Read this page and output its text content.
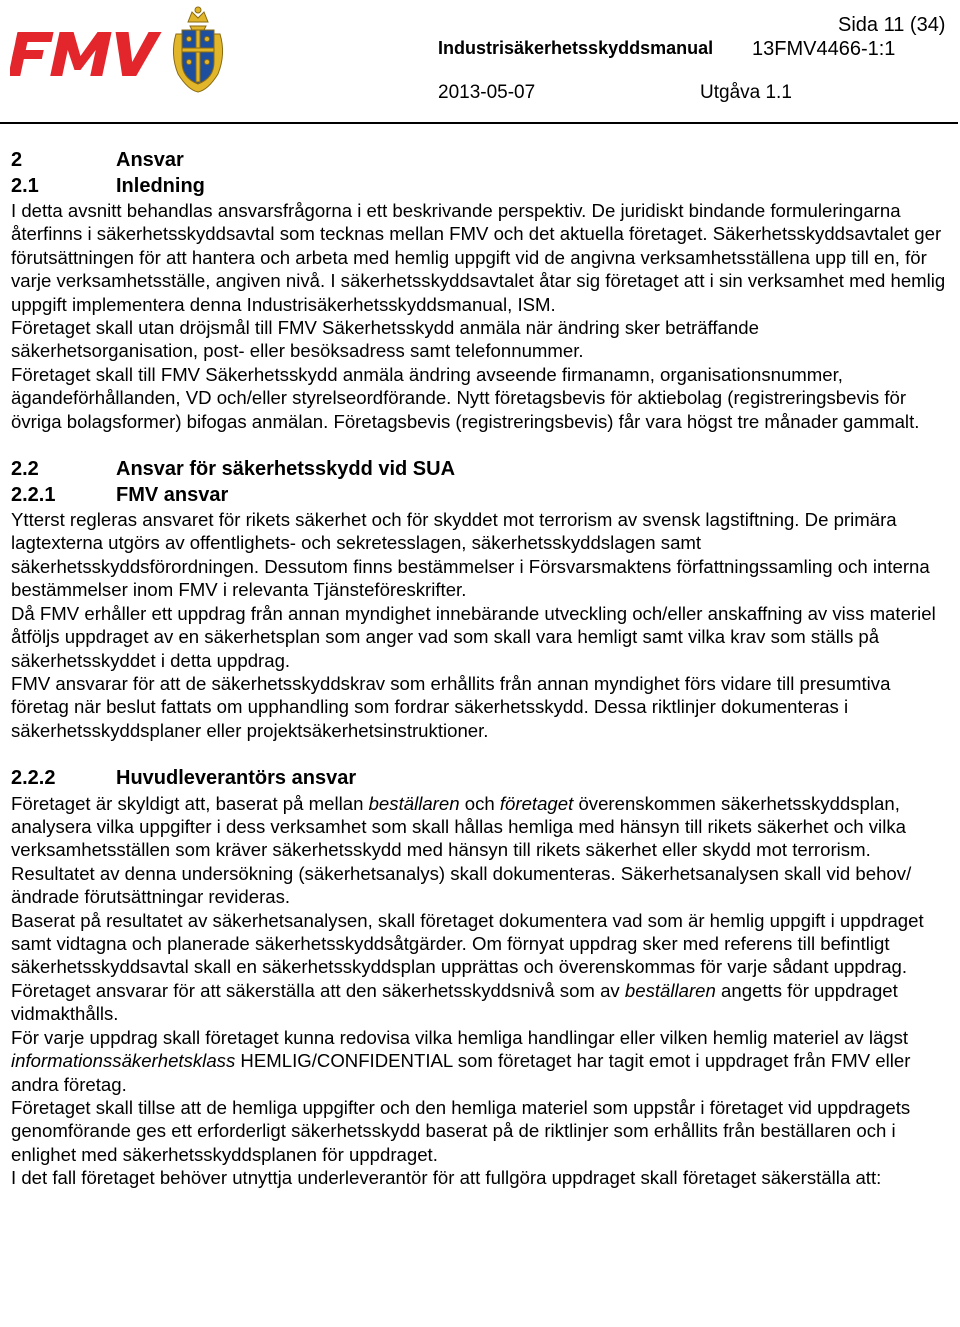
Sida 11 (34)
Industrisäkerhetsskyddsmanual 13FMV4466-1:1
2013-05-07	Utgåva 1.1
2	Ansvar
2.1	Inledning

I detta avsnitt behandlas ansvarsfrågorna i ett beskrivande perspektiv. De juridiskt bindande formuleringarna återfinns i säkerhetsskyddsavtal som tecknas mellan FMV och det aktuella företaget. Säkerhetsskyddsavtalet ger förutsättningen för att hantera och arbeta med hemlig uppgift vid de angivna verksamhetsställena upp till en, för varje verksamhetsställe, angiven nivå. I säkerhetsskyddsavtalet åtar sig företaget att i sin verksamhet med hemlig uppgift implementera denna Industrisäkerhetsskyddsmanual, ISM.

Företaget skall utan dröjsmål till FMV Säkerhetsskydd anmäla när ändring sker beträffande säkerhetsorganisation, post- eller besöksadress samt telefonnummer.

Företaget skall till FMV Säkerhetsskydd anmäla ändring avseende firmanamn, organisationsnummer, ägandeförhållanden, VD och/eller styrelseordförande. Nytt företagsbevis för aktiebolag (registreringsbevis för övriga bolagsformer) bifogas anmälan. Företagsbevis (registreringsbevis) får vara högst tre månader gammalt.

2.2	Ansvar för säkerhetsskydd vid SUA
2.2.1	FMV ansvar

Ytterst regleras ansvaret för rikets säkerhet och för skyddet mot terrorism av svensk lagstiftning. De primära lagtexterna utgörs av offentlighets- och sekretesslagen, säkerhetsskyddslagen samt säkerhetsskyddsförordningen. Dessutom finns bestämmelser i Försvarsmaktens författningssamling och interna bestämmelser inom FMV i relevanta Tjänsteföreskrifter.

Då FMV erhåller ett uppdrag från annan myndighet innebärande utveckling och/eller anskaffning av viss materiel åtföljs uppdraget av en säkerhetsplan som anger vad som skall vara hemligt samt vilka krav som ställs på säkerhetsskyddet i detta uppdrag.

FMV ansvarar för att de säkerhetsskyddskrav som erhållits från annan myndighet förs vidare till presumtiva företag när beslut fattats om upphandling som fordrar säkerhetsskydd. Dessa riktlinjer dokumenteras i säkerhetsskyddsplaner eller projektsäkerhetsinstruktioner.

2.2.2	Huvudleverantörs ansvar

Företaget är skyldigt att, baserat på mellan beställaren och företaget överenskommen säkerhetsskyddsplan, analysera vilka uppgifter i dess verksamhet som skall hållas hemliga med hänsyn till rikets säkerhet och vilka verksamhetsställen som kräver säkerhetsskydd med hänsyn till rikets säkerhet eller skydd mot terrorism. Resultatet av denna undersökning (säkerhetsanalys) skall dokumenteras. Säkerhetsanalysen skall vid behov/ändrade förutsättningar revideras.

Baserat på resultatet av säkerhetsanalysen, skall företaget dokumentera vad som är hemlig uppgift i uppdraget samt vidtagna och planerade säkerhetsskyddsåtgärder. Om förnyat uppdrag sker med referens till befintligt säkerhetsskyddsavtal skall en säkerhetsskyddsplan upprättas och överenskommas för varje sådant uppdrag.

Företaget ansvarar för att säkerställa att den säkerhetsskyddsnivå som av beställaren angetts för uppdraget vidmakthålls.

För varje uppdrag skall företaget kunna redovisa vilka hemliga handlingar eller vilken hemlig materiel av lägst informationssäkerhetsklass HEMLIG/CONFIDENTIAL som företaget har tagit emot i uppdraget från FMV eller andra företag.

Företaget skall tillse att de hemliga uppgifter och den hemliga materiel som uppstår i företaget vid uppdragets genomförande ges ett erforderligt säkerhetsskydd baserat på de riktlinjer som erhållits från beställaren och i enlighet med säkerhetsskyddsplanen för uppdraget.

I det fall företaget behöver utnyttja underleverantör för att fullgöra uppdraget skall företaget säkerställa att:
